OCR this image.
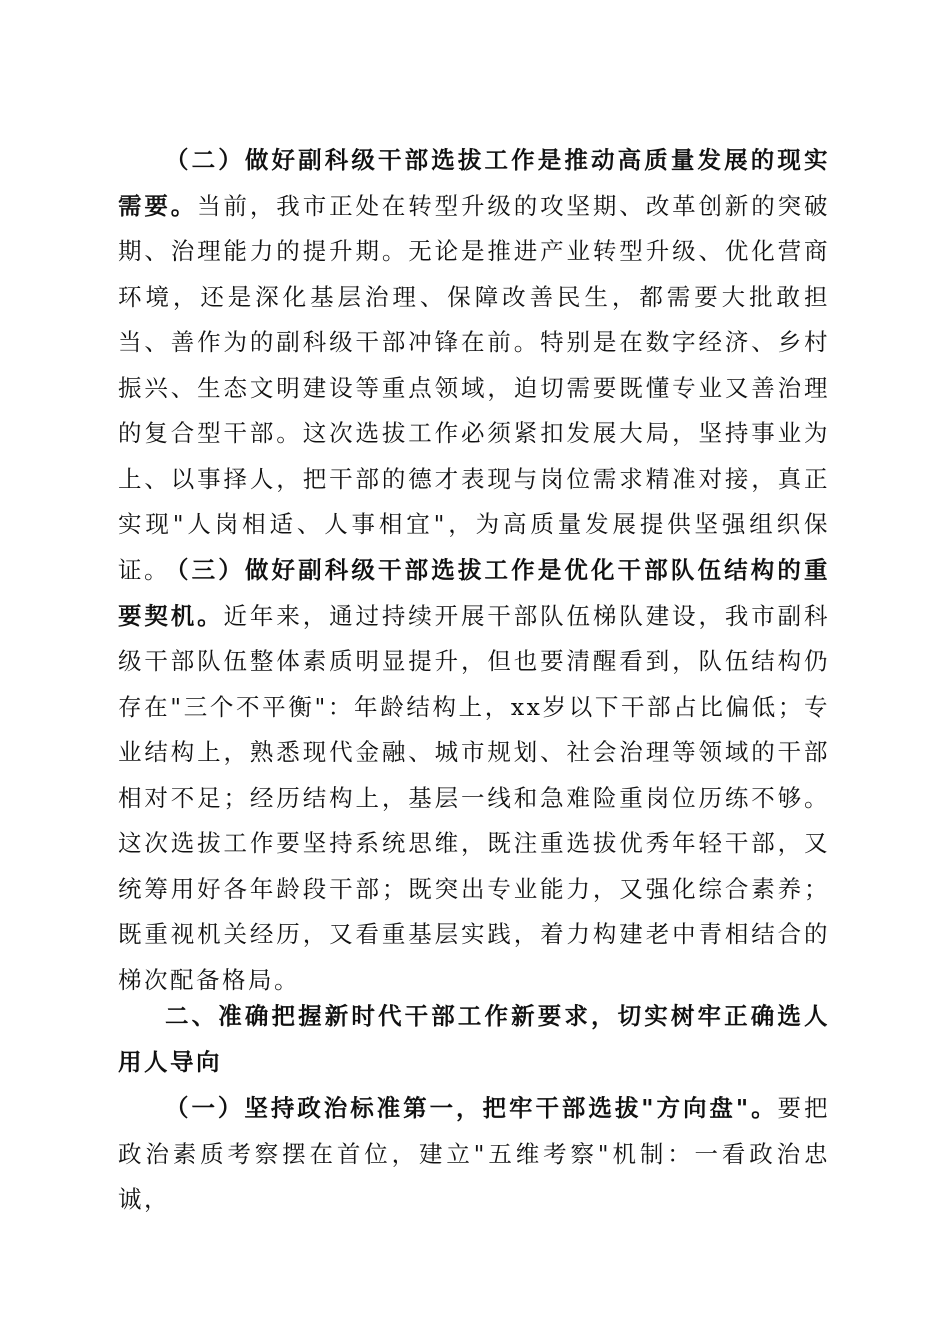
（二）做好副科级干部选拔工作是推动高质量发展的现实需要。当前，我市正处在转型升级的攻坚期、改革创新的突破期、治理能力的提升期。无论是推进产业转型升级、优化营商环境，还是深化基层治理、保障改善民生，都需要大批敢担当、善作为的副科级干部冲锋在前。特别是在数字经济、乡村振兴、生态文明建设等重点领域，迫切需要既懂专业又善治理的复合型干部。这次选拔工作必须紧扣发展大局，坚持事业为上、以事择人，把干部的德才表现与岗位需求精准对接，真正实现"人岗相适、人事相宜"，为高质量发展提供坚强组织保证。

（三）做好副科级干部选拔工作是优化干部队伍结构的重要契机。近年来，通过持续开展干部队伍梯队建设，我市副科级干部队伍整体素质明显提升，但也要清醒看到，队伍结构仍存在"三个不平衡"：年龄结构上，xx岁以下干部占比偏低；专业结构上，熟悉现代金融、城市规划、社会治理等领域的干部相对不足；经历结构上，基层一线和急难险重岗位历练不够。这次选拔工作要坚持系统思维，既注重选拔优秀年轻干部，又统筹用好各年龄段干部；既突出专业能力，又强化综合素养；既重视机关经历，又看重基层实践，着力构建老中青相结合的梯次配备格局。

二、准确把握新时代干部工作新要求，切实树牢正确选人用人导向

（一）坚持政治标准第一，把牢干部选拔"方向盘"。要把政治素质考察摆在首位，建立"五维考察"机制：一看政治忠诚，
